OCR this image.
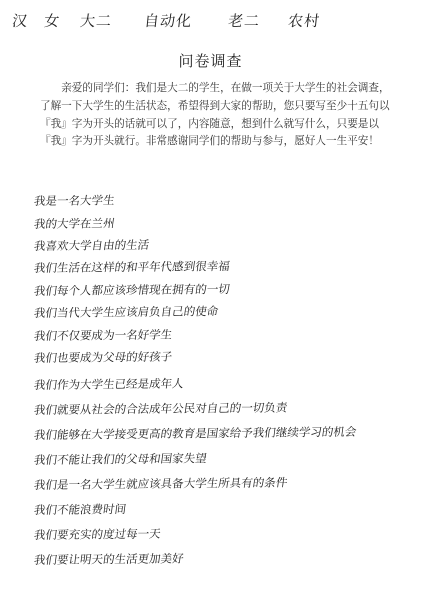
汉 女 大二 自动化 老二 农村
问卷调查

亲爱的同学们：我们是大二的学生，在做一项关于大学生的社会调查，了解一下大学生的生活状态，希望得到大家的帮助，您只要写至少十五句以『我』字为开头的话就可以了，内容随意，想到什么就写什么，只要是以『我』字为开头就行。非常感谢同学们的帮助与参与，愿好人一生平安！

我是一名大学生
我的大学在兰州
我喜欢大学自由的生活
我们生活在这样的和平年代感到很幸福
我们每个人都应该珍惜现在拥有的一切
我们当代大学生应该肩负自己的使命
我们不仅要成为一名好学生
我们也要成为父母的好孩子
我们作为大学生已经是成年人
我们就要从社会的合法成年公民对自己的一切负责
我们能够在大学接受更高的教育是国家给予我们继续学习的机会
我们不能让我们的父母和国家失望
我们是一名大学生就应该具备大学生所具有的条件
我们不能浪费时间
我们要充实的度过每一天
我们要让明天的生活更加美好
